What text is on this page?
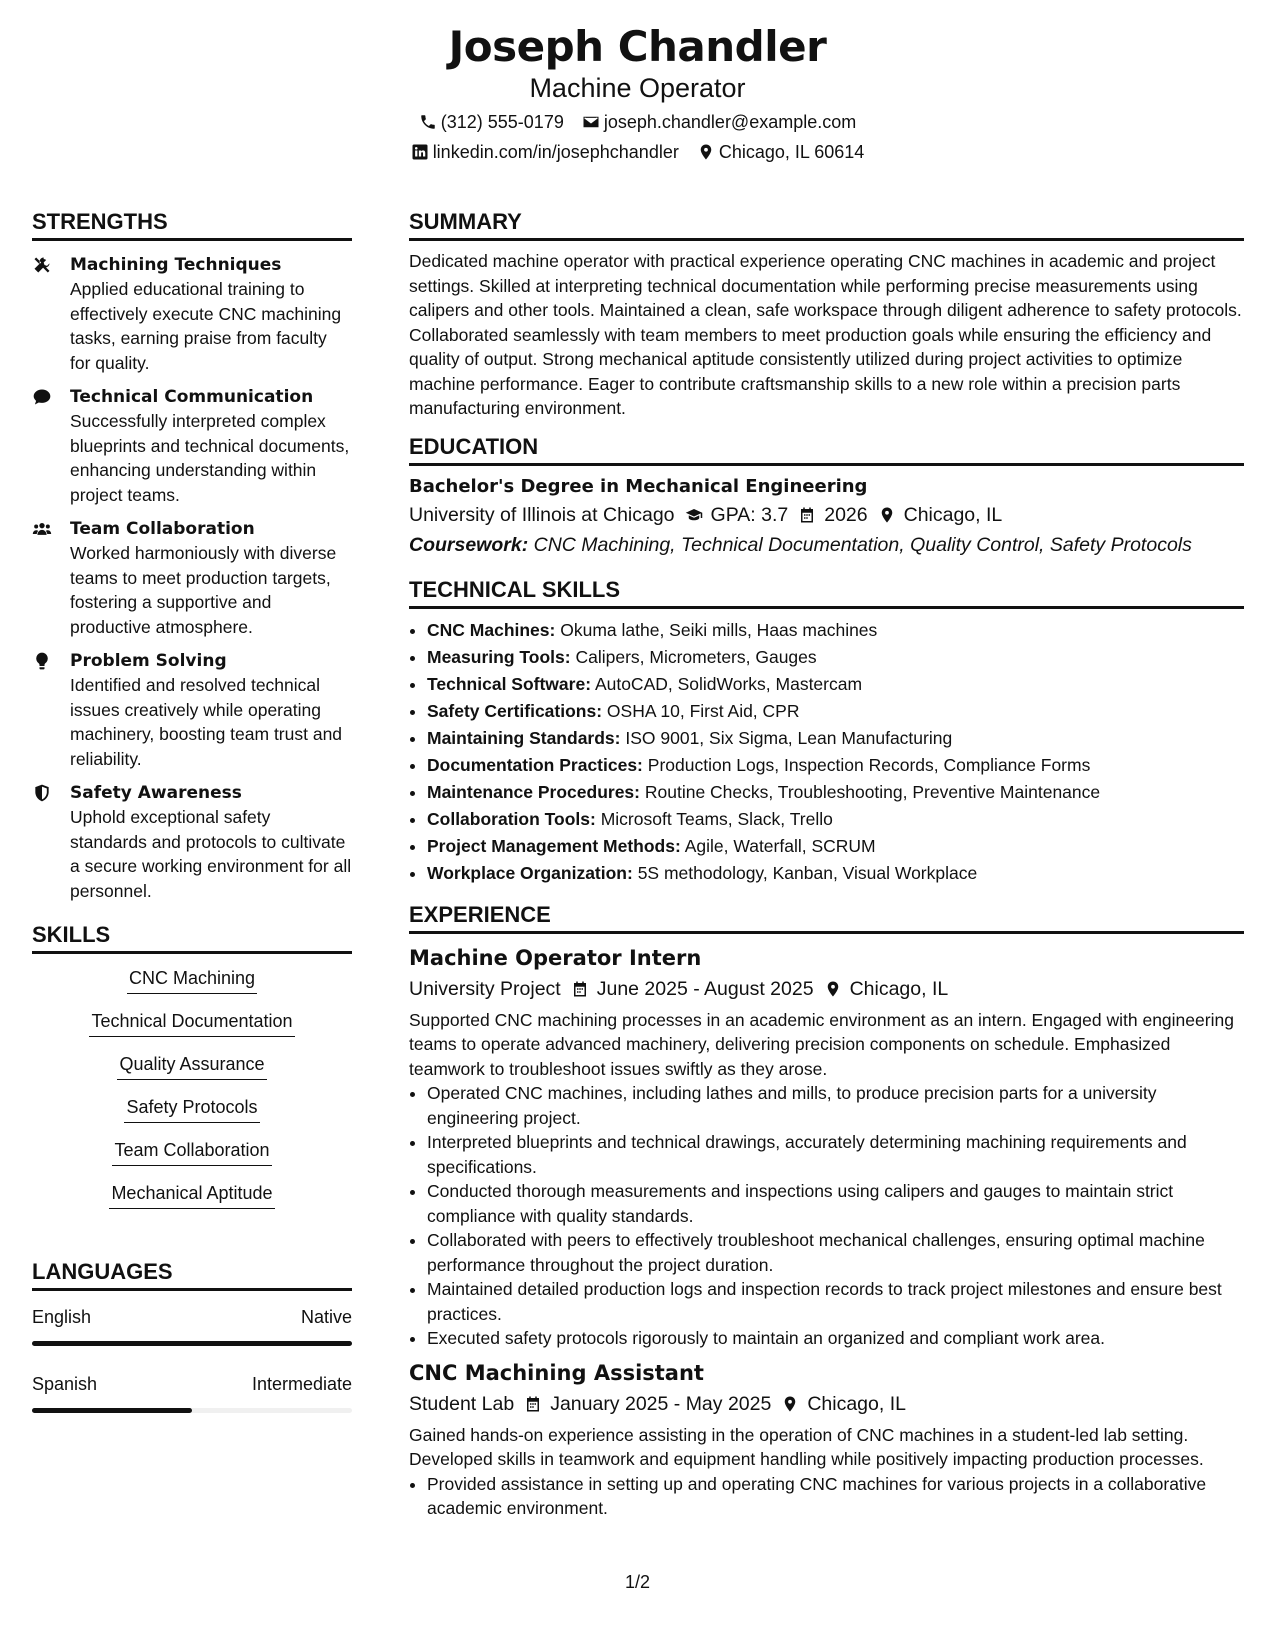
Joseph Chandler
Machine Operator
(312) 555-0179 joseph.chandler@example.com
linkedin.com/in/josephchandler Chicago, IL 60614
STRENGTHS
Machining Techniques
Applied educational training to effectively execute CNC machining tasks, earning praise from faculty for quality.
Technical Communication
Successfully interpreted complex blueprints and technical documents, enhancing understanding within project teams.
Team Collaboration
Worked harmoniously with diverse teams to meet production targets, fostering a supportive and productive atmosphere.
Problem Solving
Identified and resolved technical issues creatively while operating machinery, boosting team trust and reliability.
Safety Awareness
Uphold exceptional safety standards and protocols to cultivate a secure working environment for all personnel.
SKILLS
CNC Machining
Technical Documentation
Quality Assurance
Safety Protocols
Team Collaboration
Mechanical Aptitude
LANGUAGES
English	Native
Spanish	Intermediate
SUMMARY
Dedicated machine operator with practical experience operating CNC machines in academic and project settings. Skilled at interpreting technical documentation while performing precise measurements using calipers and other tools. Maintained a clean, safe workspace through diligent adherence to safety protocols. Collaborated seamlessly with team members to meet production goals while ensuring the efficiency and quality of output. Strong mechanical aptitude consistently utilized during project activities to optimize machine performance. Eager to contribute craftsmanship skills to a new role within a precision parts manufacturing environment.
EDUCATION
Bachelor's Degree in Mechanical Engineering
University of Illinois at Chicago GPA: 3.7 2026 Chicago, IL
Coursework: CNC Machining, Technical Documentation, Quality Control, Safety Protocols
TECHNICAL SKILLS
• CNC Machines: Okuma lathe, Seiki mills, Haas machines
• Measuring Tools: Calipers, Micrometers, Gauges
• Technical Software: AutoCAD, SolidWorks, Mastercam
• Safety Certifications: OSHA 10, First Aid, CPR
• Maintaining Standards: ISO 9001, Six Sigma, Lean Manufacturing
• Documentation Practices: Production Logs, Inspection Records, Compliance Forms
• Maintenance Procedures: Routine Checks, Troubleshooting, Preventive Maintenance
• Collaboration Tools: Microsoft Teams, Slack, Trello
• Project Management Methods: Agile, Waterfall, SCRUM
• Workplace Organization: 5S methodology, Kanban, Visual Workplace
EXPERIENCE
Machine Operator Intern
University Project June 2025 - August 2025 Chicago, IL
Supported CNC machining processes in an academic environment as an intern. Engaged with engineering teams to operate advanced machinery, delivering precision components on schedule. Emphasized teamwork to troubleshoot issues swiftly as they arose.
• Operated CNC machines, including lathes and mills, to produce precision parts for a university engineering project.
• Interpreted blueprints and technical drawings, accurately determining machining requirements and specifications.
• Conducted thorough measurements and inspections using calipers and gauges to maintain strict compliance with quality standards.
• Collaborated with peers to effectively troubleshoot mechanical challenges, ensuring optimal machine performance throughout the project duration.
• Maintained detailed production logs and inspection records to track project milestones and ensure best practices.
• Executed safety protocols rigorously to maintain an organized and compliant work area.
CNC Machining Assistant
Student Lab January 2025 - May 2025 Chicago, IL
Gained hands-on experience assisting in the operation of CNC machines in a student-led lab setting. Developed skills in teamwork and equipment handling while positively impacting production processes.
• Provided assistance in setting up and operating CNC machines for various projects in a collaborative academic environment.
1/2
